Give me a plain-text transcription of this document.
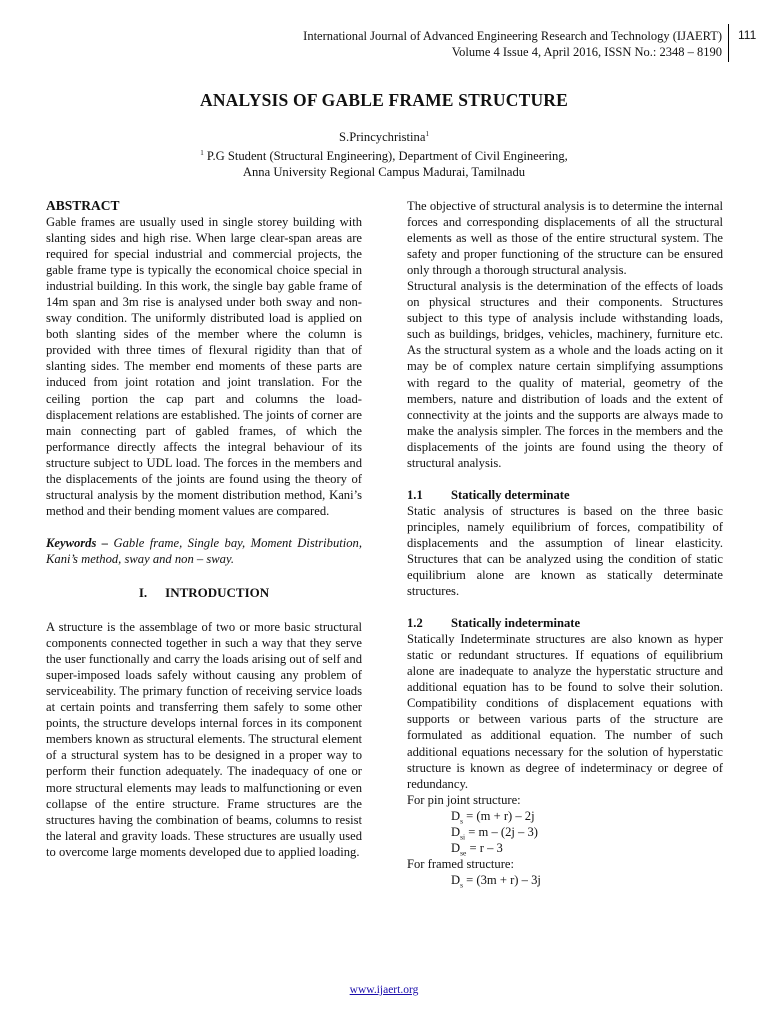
International Journal of Advanced Engineering Research and Technology (IJAERT)
Volume 4 Issue 4, April 2016, ISSN No.: 2348 – 8190
111
ANALYSIS OF GABLE FRAME STRUCTURE
S.Princychristina$^1$
$^1$ P.G Student (Structural Engineering), Department of Civil Engineering,
Anna University Regional Campus Madurai, Tamilnadu

ABSTRACT

Gable frames are usually used in single storey building with slanting sides and high rise. When large clear-span areas are required for special industrial and commercial projects, the gable frame type is typically the economical choice special in industrial building. In this work, the single bay gable frame of 14m span and 3m rise is analysed under both sway and non-sway condition. The uniformly distributed load is applied on both slanting sides of the member where the column is provided with three times of flexural rigidity than that of slanting sides. The member end moments of these parts are induced from joint rotation and joint translation. For the ceiling portion the cap part and columns the load-displacement relations are established. The joints of corner are main connecting part of gabled frames, of which the performance directly affects the integral behaviour of its structure subject to UDL load. The forces in the members and the displacements of the joints are found using the theory of structural analysis by the moment distribution method, Kani’s method and their bending moment values are compared.

Keywords – Gable frame, Single bay, Moment Distribution, Kani’s method, sway and non – sway.

I. INTRODUCTION

A structure is the assemblage of two or more basic structural components connected together in such a way that they serve the user functionally and carry the loads arising out of self and super-imposed loads safely without causing any problem of serviceability. The primary function of receiving service loads at certain points and transferring them safely to some other points, the structure develops internal forces in its component members known as structural elements. The structural element of a structural system has to be designed in a proper way to perform their function adequately. The inadequacy of one or more structural elements may leads to malfunctioning or even collapse of the entire structure. Frame structures are the structures having the combination of beams, columns to resist the lateral and gravity loads. These structures are usually used to overcome large moments developed due to applied loading.

The objective of structural analysis is to determine the internal forces and corresponding displacements of all the structural elements as well as those of the entire structural system. The safety and proper functioning of the structure can be ensured only through a thorough structural analysis.

Structural analysis is the determination of the effects of loads on physical structures and their components. Structures subject to this type of analysis include withstanding loads, such as buildings, bridges, vehicles, machinery, furniture etc. As the structural system as a whole and the loads acting on it may be of complex nature certain simplifying assumptions with regard to the quality of material, geometry of the members, nature and distribution of loads and the extent of connectivity at the joints and the supports are always made to make the analysis simpler. The forces in the members and the displacements of the joints are found using the theory of structural analysis.

1.1 Statically determinate

Static analysis of structures is based on the three basic principles, namely equilibrium of forces, compatibility of displacements and the assumption of linear elasticity. Structures that can be analyzed using the condition of static equilibrium alone are known as statically determinate structures.

1.2 Statically indeterminate

Statically Indeterminate structures are also known as hyper static or redundant structures. If equations of equilibrium alone are inadequate to analyze the hyperstatic structure and additional equation has to be found to solve their solution. Compatibility conditions of displacement equations with supports or between various parts of the structure are formulated as additional equation. The number of such additional equations necessary for the solution of hyperstatic structure is known as degree of indeterminacy or degree of redundancy.

For pin joint structure:

$D_s = (m + r) - 2j$

$D_{si} = m - (2j - 3)$

$D_{se} = r - 3$

For framed structure:

$D_s = (3m + r) - 3j$

www.ijaert.org
